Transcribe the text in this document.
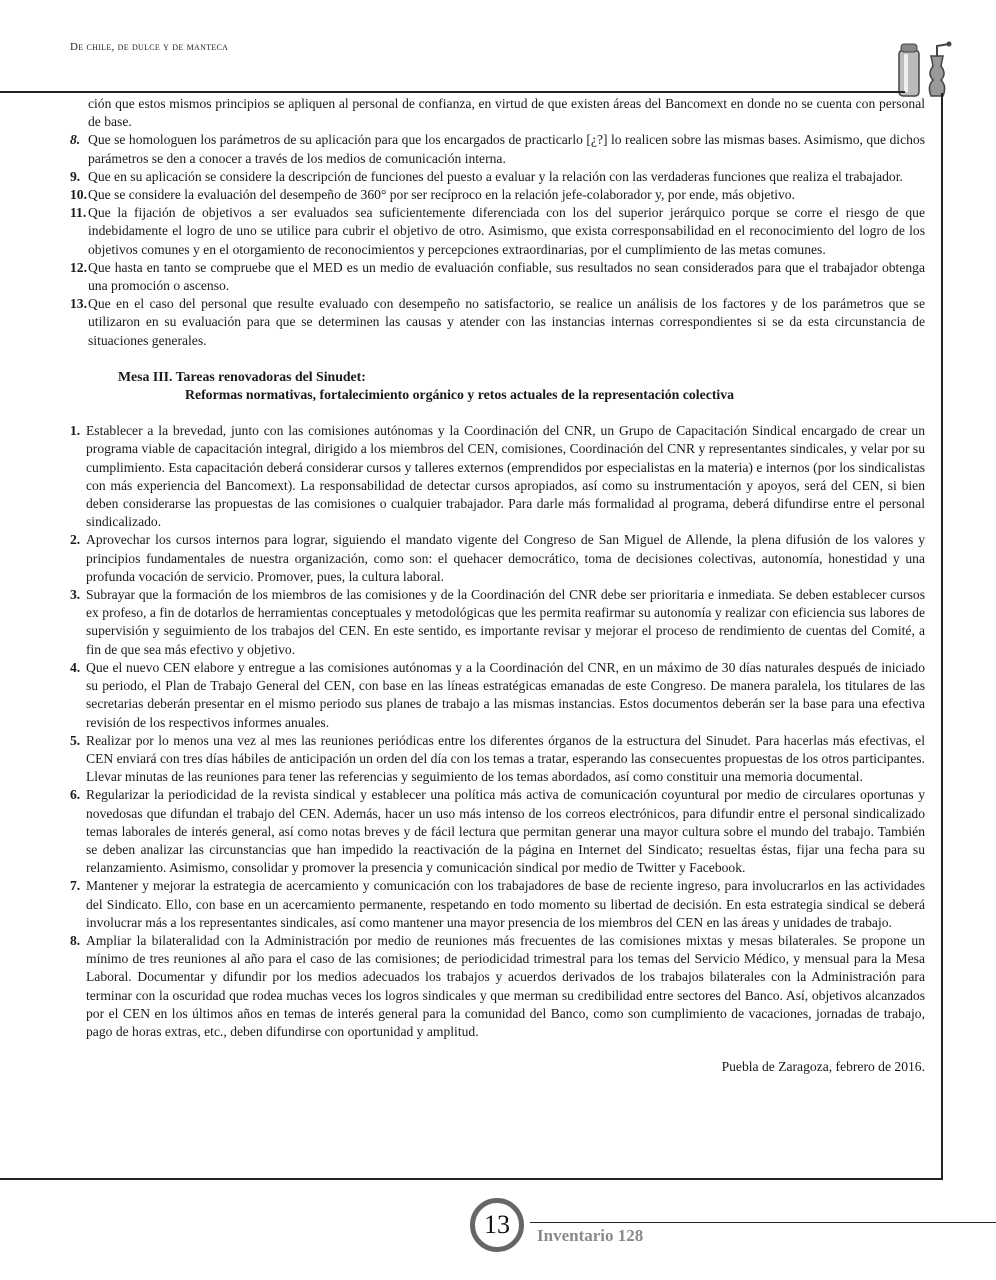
De chile, de dulce y de manteca
ción que estos mismos principios se apliquen al personal de confianza, en virtud de que existen áreas del Bancomext en donde no se cuenta con personal de base.
8. Que se homologuen los parámetros de su aplicación para que los encargados de practicarlo [¿?] lo realicen sobre las mismas bases. Asimismo, que dichos parámetros se den a conocer a través de los medios de comunicación interna.
9. Que en su aplicación se considere la descripción de funciones del puesto a evaluar y la relación con las verdaderas funciones que realiza el trabajador.
10. Que se considere la evaluación del desempeño de 360° por ser recíproco en la relación jefe-colaborador y, por ende, más objetivo.
11. Que la fijación de objetivos a ser evaluados sea suficientemente diferenciada con los del superior jerárquico porque se corre el riesgo de que indebidamente el logro de uno se utilice para cubrir el objetivo de otro. Asimismo, que exista corresponsabilidad en el reconocimiento del logro de los objetivos comunes y en el otorgamiento de reconocimientos y percepciones extraordinarias, por el cumplimiento de las metas comunes.
12. Que hasta en tanto se compruebe que el MED es un medio de evaluación confiable, sus resultados no sean considerados para que el trabajador obtenga una promoción o ascenso.
13. Que en el caso del personal que resulte evaluado con desempeño no satisfactorio, se realice un análisis de los factores y de los parámetros que se utilizaron en su evaluación para que se determinen las causas y atender con las instancias internas correspondientes si se da esta circunstancia de situaciones generales.
Mesa III. Tareas renovadoras del Sinudet:
Reformas normativas, fortalecimiento orgánico y retos actuales de la representación colectiva
1. Establecer a la brevedad, junto con las comisiones autónomas y la Coordinación del CNR, un Grupo de Capacitación Sindical encargado de crear un programa viable de capacitación integral, dirigido a los miembros del CEN, comisiones, Coordinación del CNR y representantes sindicales, y velar por su cumplimiento. Esta capacitación deberá considerar cursos y talleres externos (emprendidos por especialistas en la materia) e internos (por los sindicalistas con más experiencia del Bancomext). La responsabilidad de detectar cursos apropiados, así como su instrumentación y apoyos, será del CEN, si bien deben considerarse las propuestas de las comisiones o cualquier trabajador. Para darle más formalidad al programa, deberá difundirse entre el personal sindicalizado.
2. Aprovechar los cursos internos para lograr, siguiendo el mandato vigente del Congreso de San Miguel de Allende, la plena difusión de los valores y principios fundamentales de nuestra organización, como son: el quehacer democrático, toma de decisiones colectivas, autonomía, honestidad y una profunda vocación de servicio. Promover, pues, la cultura laboral.
3. Subrayar que la formación de los miembros de las comisiones y de la Coordinación del CNR debe ser prioritaria e inmediata. Se deben establecer cursos ex profeso, a fin de dotarlos de herramientas conceptuales y metodológicas que les permita reafirmar su autonomía y realizar con eficiencia sus labores de supervisión y seguimiento de los trabajos del CEN. En este sentido, es importante revisar y mejorar el proceso de rendimiento de cuentas del Comité, a fin de que sea más efectivo y objetivo.
4. Que el nuevo CEN elabore y entregue a las comisiones autónomas y a la Coordinación del CNR, en un máximo de 30 días naturales después de iniciado su periodo, el Plan de Trabajo General del CEN, con base en las líneas estratégicas emanadas de este Congreso. De manera paralela, los titulares de las secretarias deberán presentar en el mismo periodo sus planes de trabajo a las mismas instancias. Estos documentos deberán ser la base para una efectiva revisión de los respectivos informes anuales.
5. Realizar por lo menos una vez al mes las reuniones periódicas entre los diferentes órganos de la estructura del Sinudet. Para hacerlas más efectivas, el CEN enviará con tres días hábiles de anticipación un orden del día con los temas a tratar, esperando las consecuentes propuestas de los otros participantes. Llevar minutas de las reuniones para tener las referencias y seguimiento de los temas abordados, así como constituir una memoria documental.
6. Regularizar la periodicidad de la revista sindical y establecer una política más activa de comunicación coyuntural por medio de circulares oportunas y novedosas que difundan el trabajo del CEN. Además, hacer un uso más intenso de los correos electrónicos, para difundir entre el personal sindicalizado temas laborales de interés general, así como notas breves y de fácil lectura que permitan generar una mayor cultura sobre el mundo del trabajo. También se deben analizar las circunstancias que han impedido la reactivación de la página en Internet del Sindicato; resueltas éstas, fijar una fecha para su relanzamiento. Asimismo, consolidar y promover la presencia y comunicación sindical por medio de Twitter y Facebook.
7. Mantener y mejorar la estrategia de acercamiento y comunicación con los trabajadores de base de reciente ingreso, para involucrarlos en las actividades del Sindicato. Ello, con base en un acercamiento permanente, respetando en todo momento su libertad de decisión. En esta estrategia sindical se deberá involucrar más a los representantes sindicales, así como mantener una mayor presencia de los miembros del CEN en las áreas y unidades de trabajo.
8. Ampliar la bilateralidad con la Administración por medio de reuniones más frecuentes de las comisiones mixtas y mesas bilaterales. Se propone un mínimo de tres reuniones al año para el caso de las comisiones; de periodicidad trimestral para los temas del Servicio Médico, y mensual para la Mesa Laboral. Documentar y difundir por los medios adecuados los trabajos y acuerdos derivados de los trabajos bilaterales con la Administración para terminar con la oscuridad que rodea muchas veces los logros sindicales y que merman su credibilidad entre sectores del Banco. Así, objetivos alcanzados por el CEN en los últimos años en temas de interés general para la comunidad del Banco, como son cumplimiento de vacaciones, jornadas de trabajo, pago de horas extras, etc., deben difundirse con oportunidad y amplitud.
Puebla de Zaragoza, febrero de 2016.
13	Inventario 128
